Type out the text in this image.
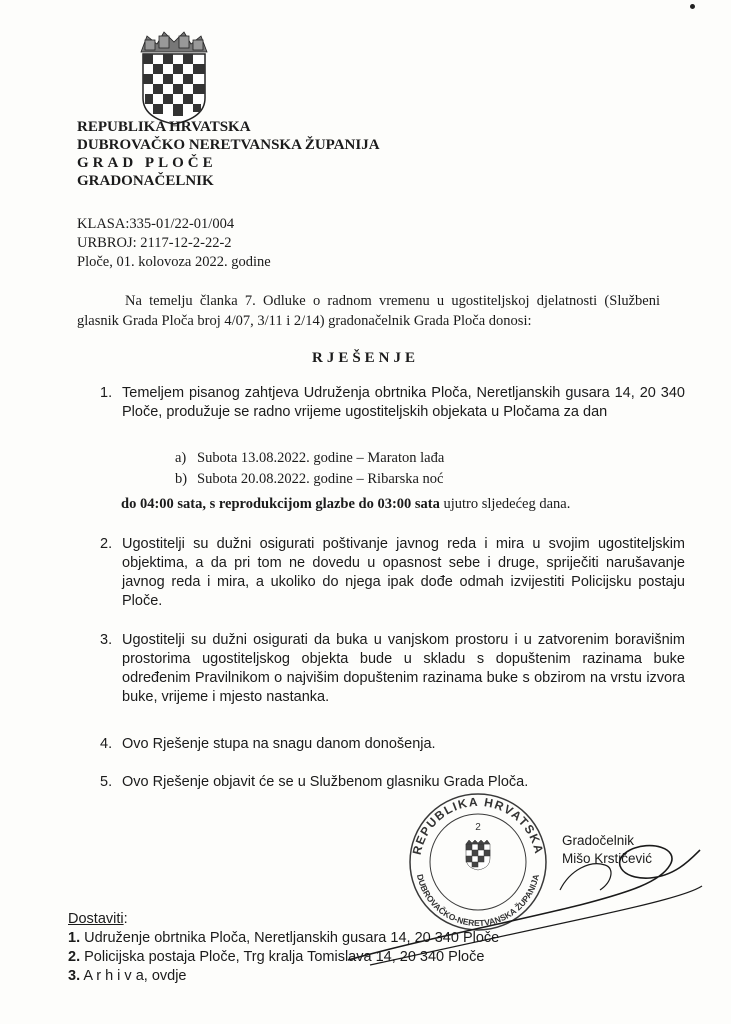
REPUBLIKA HRVATSKA
DUBROVAČKO NERETVANSKA ŽUPANIJA
GRAD PLOČE
GRADONAČELNIK
KLASA:335-01/22-01/004
URBROJ: 2117-12-2-22-2
Ploče, 01. kolovoza 2022. godine
Na temelju članka 7. Odluke o radnom vremenu u ugostiteljskoj djelatnosti (Službeni glasnik Grada Ploča broj 4/07, 3/11 i 2/14) gradonačelnik Grada Ploča donosi:
RJEŠENJE
1. Temeljem pisanog zahtjeva Udruženja obrtnika Ploča, Neretljanskih gusara 14, 20 340 Ploče, produžuje se radno vrijeme ugostiteljskih objekata u Pločama za dan
a) Subota 13.08.2022. godine – Maraton lađa
b) Subota 20.08.2022. godine – Ribarska noć
do 04:00 sata, s reprodukcijom glazbe do 03:00 sata ujutro sljedećeg dana.
2. Ugostitelji su dužni osigurati poštivanje javnog reda i mira u svojim ugostiteljskim objektima, a da pri tom ne dovedu u opasnost sebe i druge, spriječiti narušavanje javnog reda i mira, a ukoliko do njega ipak dođe odmah izvijestiti Policijsku postaju Ploče.
3. Ugostitelji su dužni osigurati da buka u vanjskom prostoru i u zatvorenim boravišnim prostorima ugostiteljskog objekta bude u skladu s dopuštenim razinama buke određenim Pravilnikom o najvišim dopuštenim razinama buke s obzirom na vrstu izvora buke, vrijeme i mjesto nastanka.
4. Ovo Rješenje stupa na snagu danom donošenja.
5. Ovo Rješenje objavit će se u Službenom glasniku Grada Ploča.
REPUBLIKA HRVATSKA
DUBROVAČKO-NERETVANSKA ŽUPANIJA
2
Gradočelnik
Mišo Krstičević
Dostaviti:
1. Udruženje obrtnika Ploča, Neretljanskih gusara 14, 20 340 Ploče
2. Policijska postaja Ploče, Trg kralja Tomislava 14, 20 340 Ploče
3. A r h i v a, ovdje
